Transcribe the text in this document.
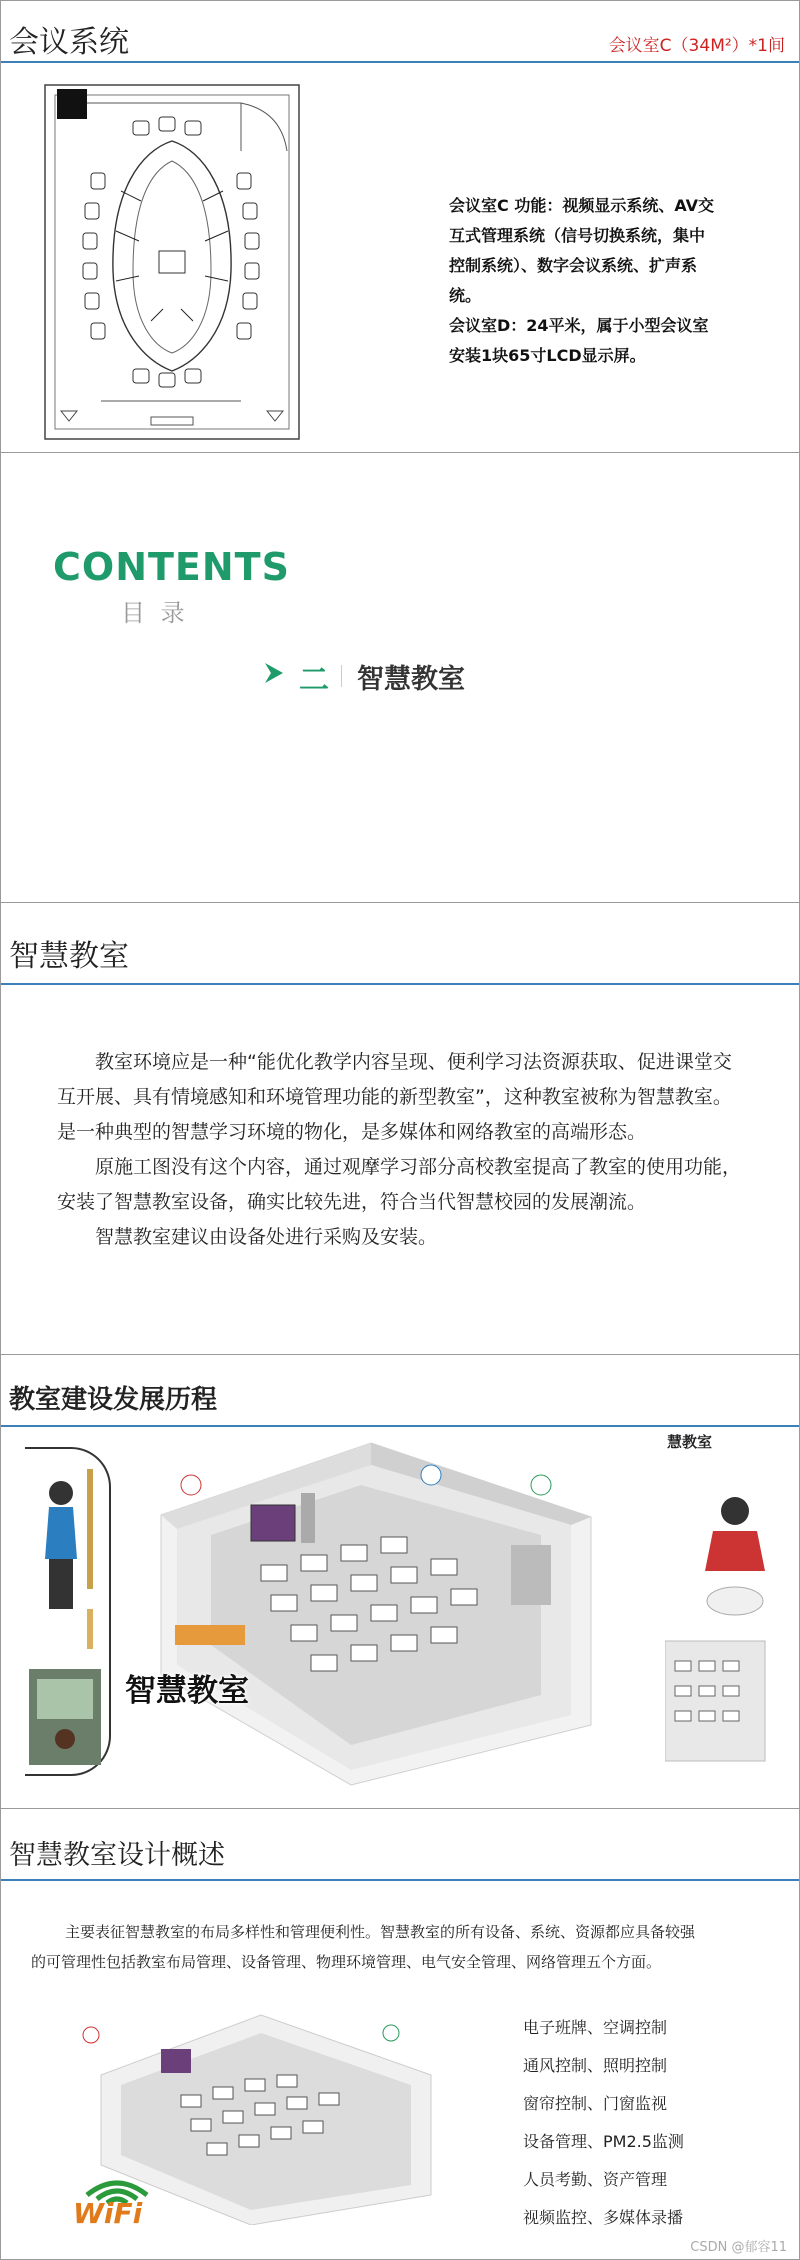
会议系统	会议室C（34M²）*1间
会议室C 功能：视频显示系统、AV交
互式管理系统（信号切换系统，集中
控制系统）、数字会议系统、扩声系
统。
会议室D：24平米，属于小型会议室
安装1块65寸LCD显示屏。
CONTENTS
目 录
二 智慧教室
智慧教室

教室环境应是一种“能优化教学内容呈现、便利学习法资源获取、促进课堂交互开展、具有情境感知和环境管理功能的新型教室”，这种教室被称为智慧教室。是一种典型的智慧学习环境的物化，是多媒体和网络教室的高端形态。

原施工图没有这个内容，通过观摩学习部分高校教室提高了教室的使用功能，安装了智慧教室设备，确实比较先进，符合当代智慧校园的发展潮流。

智慧教室建议由设备处进行采购及安装。

教室建设发展历程
智慧教室
慧教室
智慧教室设计概述
主要表征智慧教室的布局多样性和管理便利性。智慧教室的所有设备、系统、资源都应具备较强
的可管理性包括教室布局管理、设备管理、物理环境管理、电气安全管理、网络管理五个方面。
WiFi
电子班牌、空调控制
通风控制、照明控制
窗帘控制、门窗监视
设备管理、PM2.5监测
人员考勤、资产管理
视频监控、多媒体录播
CSDN @郁容11
